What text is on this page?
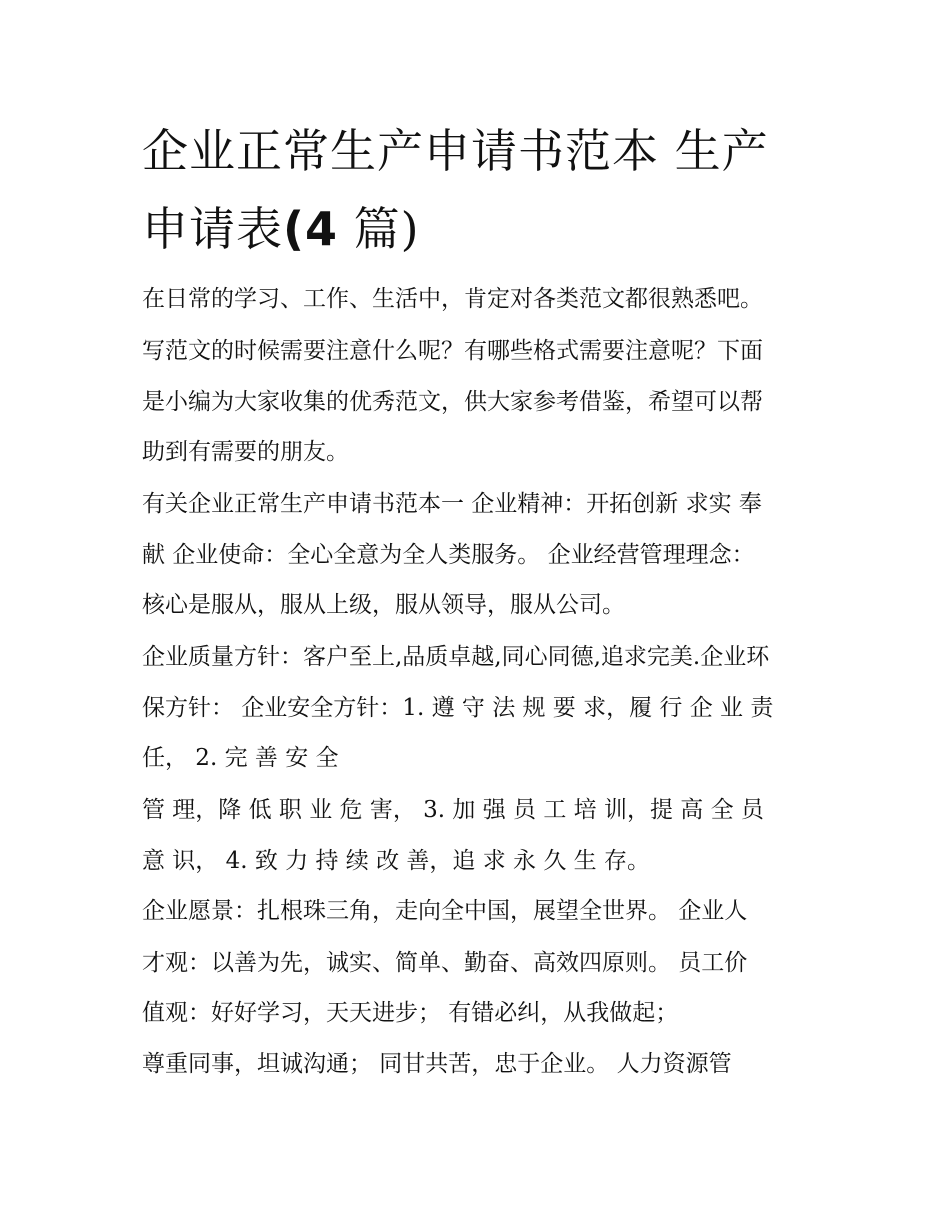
企业正常生产申请书范本 生产
申请表(4 篇)

在日常的学习、工作、生活中，肯定对各类范文都很熟悉吧。

写范文的时候需要注意什么呢？有哪些格式需要注意呢？下面

是小编为大家收集的优秀范文，供大家参考借鉴，希望可以帮

助到有需要的朋友。

有关企业正常生产申请书范本一 企业精神：开拓创新 求实 奉

献 企业使命：全心全意为全人类服务。 企业经营管理理念：

核心是服从，服从上级，服从领导，服从公司。

企业质量方针：客户至上,品质卓越,同心同德,追求完美.企业环

保方针： 企业安全方针：1. 遵 守 法 规 要 求，履 行 企 业 责

任， 2. 完 善 安 全

管 理，降 低 职 业 危 害， 3. 加 强 员 工 培 训，提 高 全 员

意 识， 4. 致 力 持 续 改 善，追 求 永 久 生 存。

企业愿景：扎根珠三角，走向全中国，展望全世界。 企业人

才观：以善为先，诚实、简单、勤奋、高效四原则。 员工价

值观：好好学习，天天进步； 有错必纠，从我做起；

尊重同事，坦诚沟通； 同甘共苦，忠于企业。 人力资源管
